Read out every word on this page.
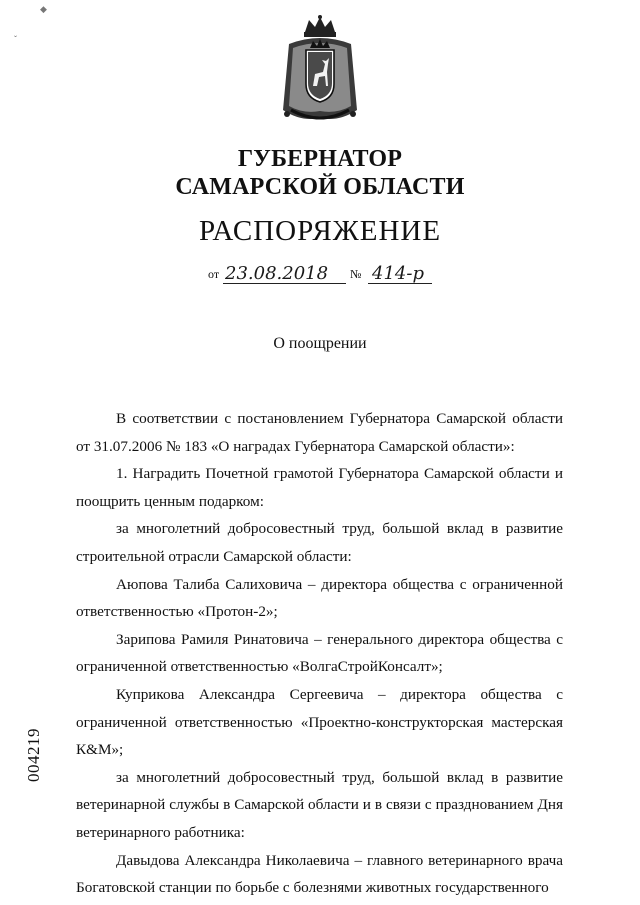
◆
ˇ
ГУБЕРНАТОР
САМАРСКОЙ ОБЛАСТИ
РАСПОРЯЖЕНИЕ
от 23.08.2018 № 414-р
О поощрении

В соответствии с постановлением Губернатора Самарской области от 31.07.2006 № 183 «О наградах Губернатора Самарской области»:

1. Наградить Почетной грамотой Губернатора Самарской области и поощрить ценным подарком:

за многолетний добросовестный труд, большой вклад в развитие строительной отрасли Самарской области:

Аюпова Талиба Салиховича – директора общества с ограниченной ответственностью «Протон-2»;

Зарипова Рамиля Ринатовича – генерального директора общества с ограниченной ответственностью «ВолгаСтройКонсалт»;

Куприкова Александра Сергеевича – директора общества с ограниченной ответственностью «Проектно-конструкторская мастерская К&М»;

за многолетний добросовестный труд, большой вклад в развитие ветеринарной службы в Самарской области и в связи с празднованием Дня ветеринарного работника:

Давыдова Александра Николаевича – главного ветеринарного врача Богатовской станции по борьбе с болезнями животных государственного

004219
